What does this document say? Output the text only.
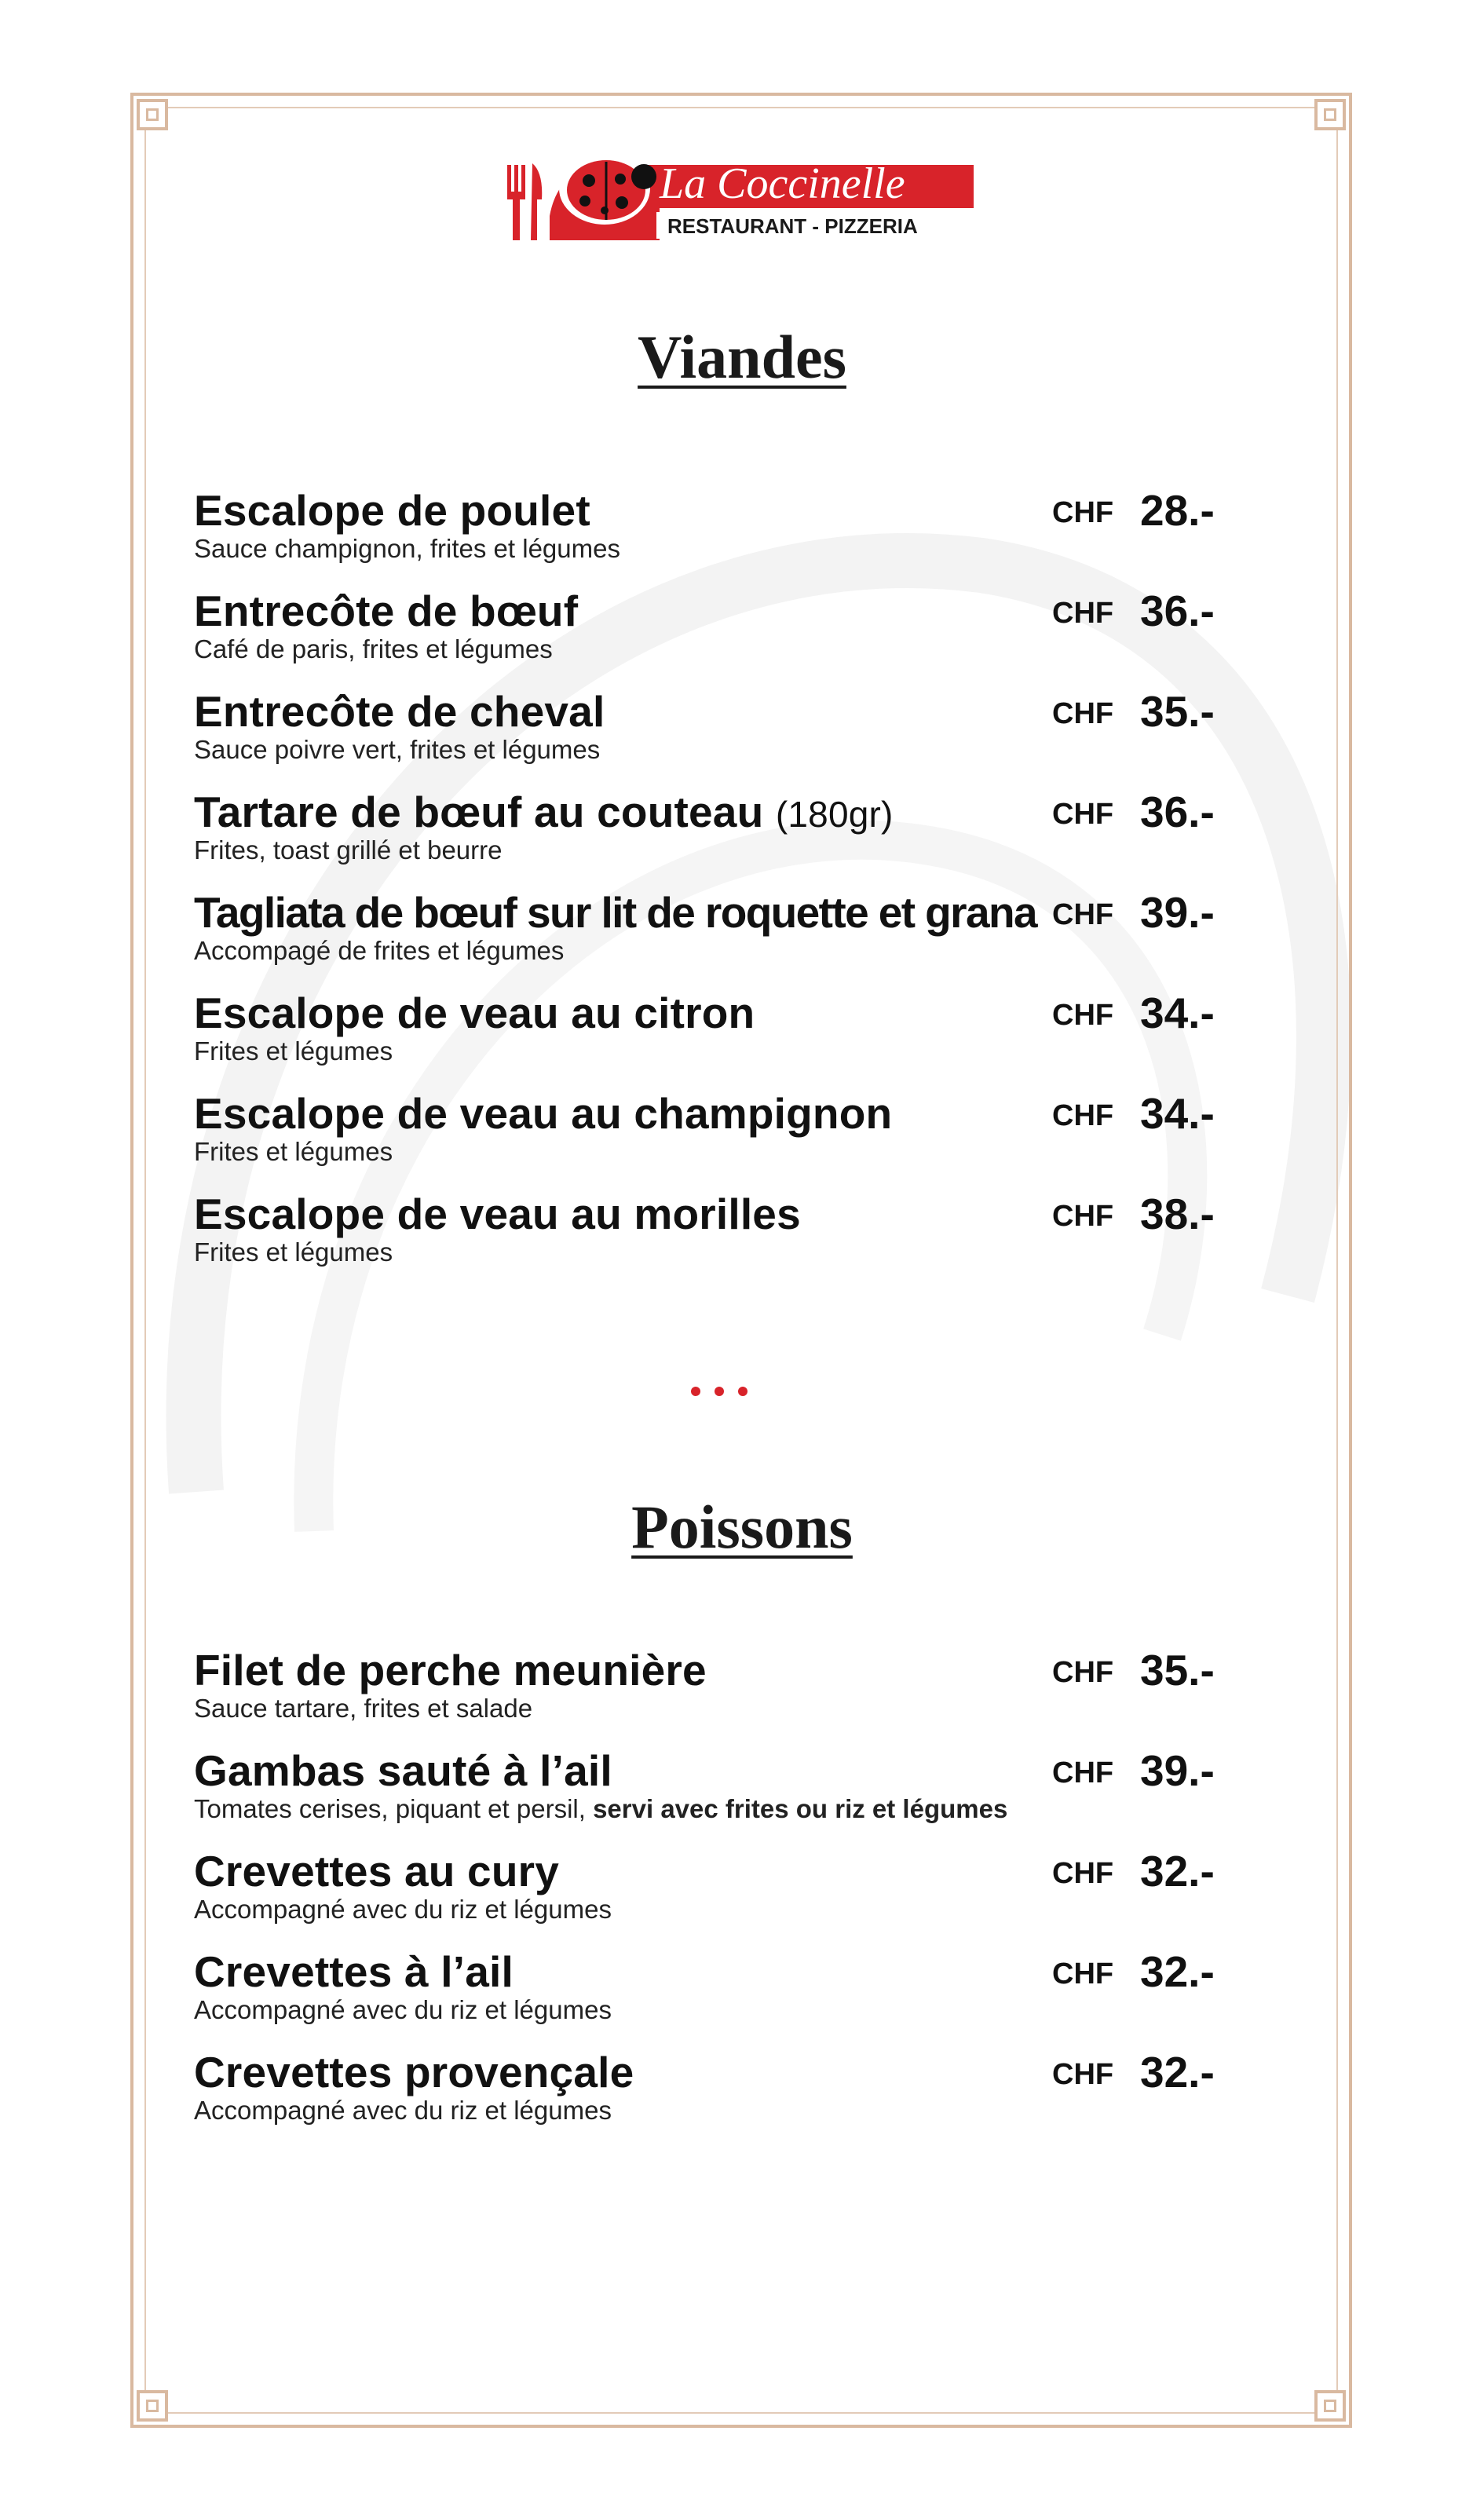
La Coccinelle
RESTAURANT - PIZZERIA
Viandes
Escalope de poulet
Sauce champignon, frites et légumes
CHF 28.-
Entrecôte de bœuf
Café de paris, frites et légumes
CHF 36.-
Entrecôte de cheval
Sauce poivre vert, frites et légumes
CHF 35.-
Tartare de bœuf au couteau (180gr)
Frites, toast grillé et beurre
CHF 36.-
Tagliata de bœuf sur lit de roquette et grana
Accompagé de frites et légumes
CHF 39.-
Escalope de veau au citron
Frites et légumes
CHF 34.-
Escalope de veau au champignon
Frites et légumes
CHF 34.-
Escalope de veau au morilles
Frites et légumes
CHF 38.-
Poissons
Filet de perche meunière
Sauce tartare, frites et salade
CHF 35.-
Gambas sauté à l’ail
Tomates cerises, piquant et persil, servi avec frites ou riz et légumes
CHF 39.-
Crevettes au cury
Accompagné avec du riz et légumes
CHF 32.-
Crevettes à l’ail
Accompagné avec du riz et légumes
CHF 32.-
Crevettes provençale
Accompagné avec du riz et légumes
CHF 32.-
